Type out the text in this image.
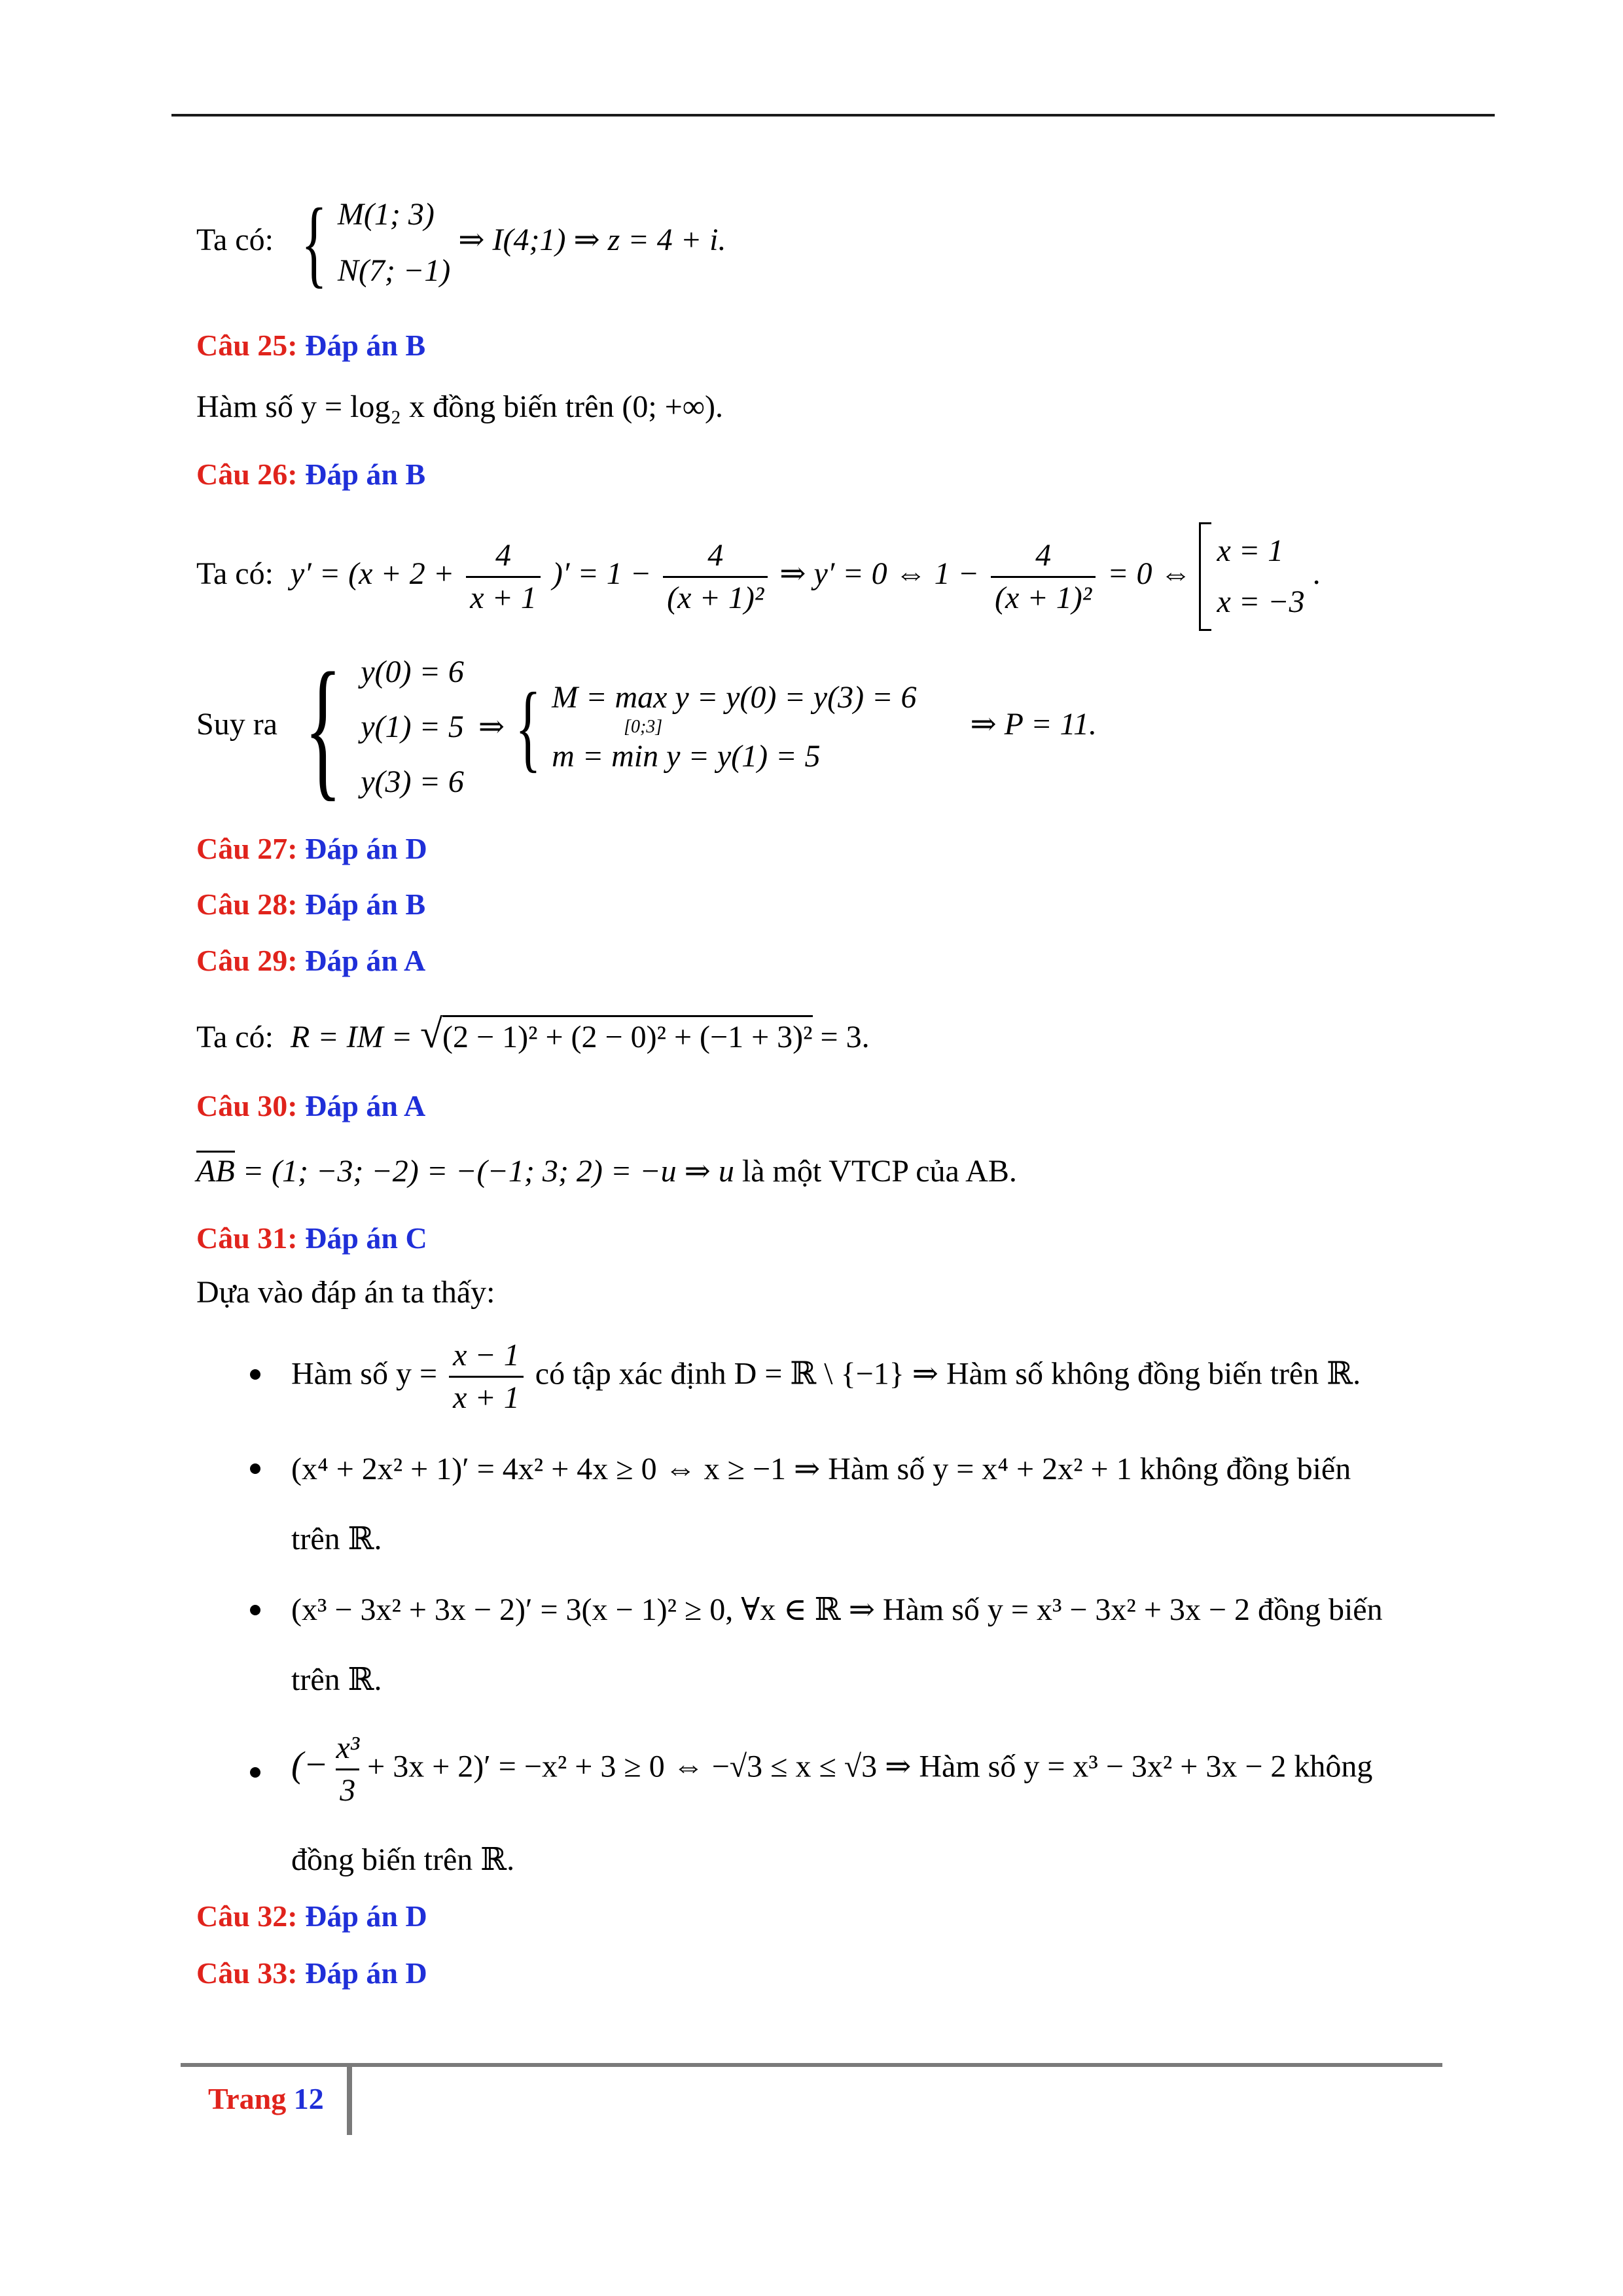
Ta có: { M(1; 3)
N(7; −1)
⇒ I(4;1) ⇒ z = 4 + i.
Câu 25: Đáp án B
Hàm số y = log₂ x đồng biến trên (0; +∞).
Câu 26: Đáp án B
Ta có: $y' = (x + 2 + \frac{4}{x + 1}$ )′ = $1 - \frac{4}{\text{(x + 1)²}}$ ⇒ y′ = 0 ⇔ $1 - \frac{4}{\text{(x + 1)²}} = 0$ ⇔
x = 1
x = −3
.
Suy ra { y(0) = 6
y(1) = 5
y(3) = 6

⇒ { M = max y = y(0) = y(3) = 6
[0;3]
m = min y = y(1) = 5
⇒ P = 11.
Câu 27: Đáp án D
Câu 28: Đáp án B
Câu 29: Đáp án A
Ta có: R = IM = √(2 − 1)² + (2 − 0)² + (−1 + 3)² = 3.
Câu 30: Đáp án A
AB = (1; −3; −2) = −(−1; 3; 2) = −u ⇒ u là một VTCP của AB.
Câu 31: Đáp án C
Dựa vào đáp án ta thấy:
Hàm số $y = \frac{x - 1}{x + 1}$ có tập xác định D = ℝ \ {−1} ⇒ Hàm số không đồng biến trên ℝ.
(x⁴ + 2x² + 1)′ = 4x² + 4x ≥ 0 ⇔ x ≥ −1 ⇒ Hàm số y = x⁴ + 2x² + 1 không đồng biến
trên ℝ.
(x³ − 3x² + 3x − 2)′ = 3(x − 1)² ≥ 0, ∀x ∈ ℝ ⇒ Hàm số y = x³ − 3x² + 3x − 2 đồng biến
trên ℝ.
(− $\frac{\text{x³}}{3} + 3x + 2)' = -x^2 + 3 \ge 0$ ⇔ −√3 ≤ x ≤ √3 ⇒ Hàm số y = x³ − 3x² + 3x − 2 không
đồng biến trên ℝ.
Câu 32: Đáp án D
Câu 33: Đáp án D
Trang 12
